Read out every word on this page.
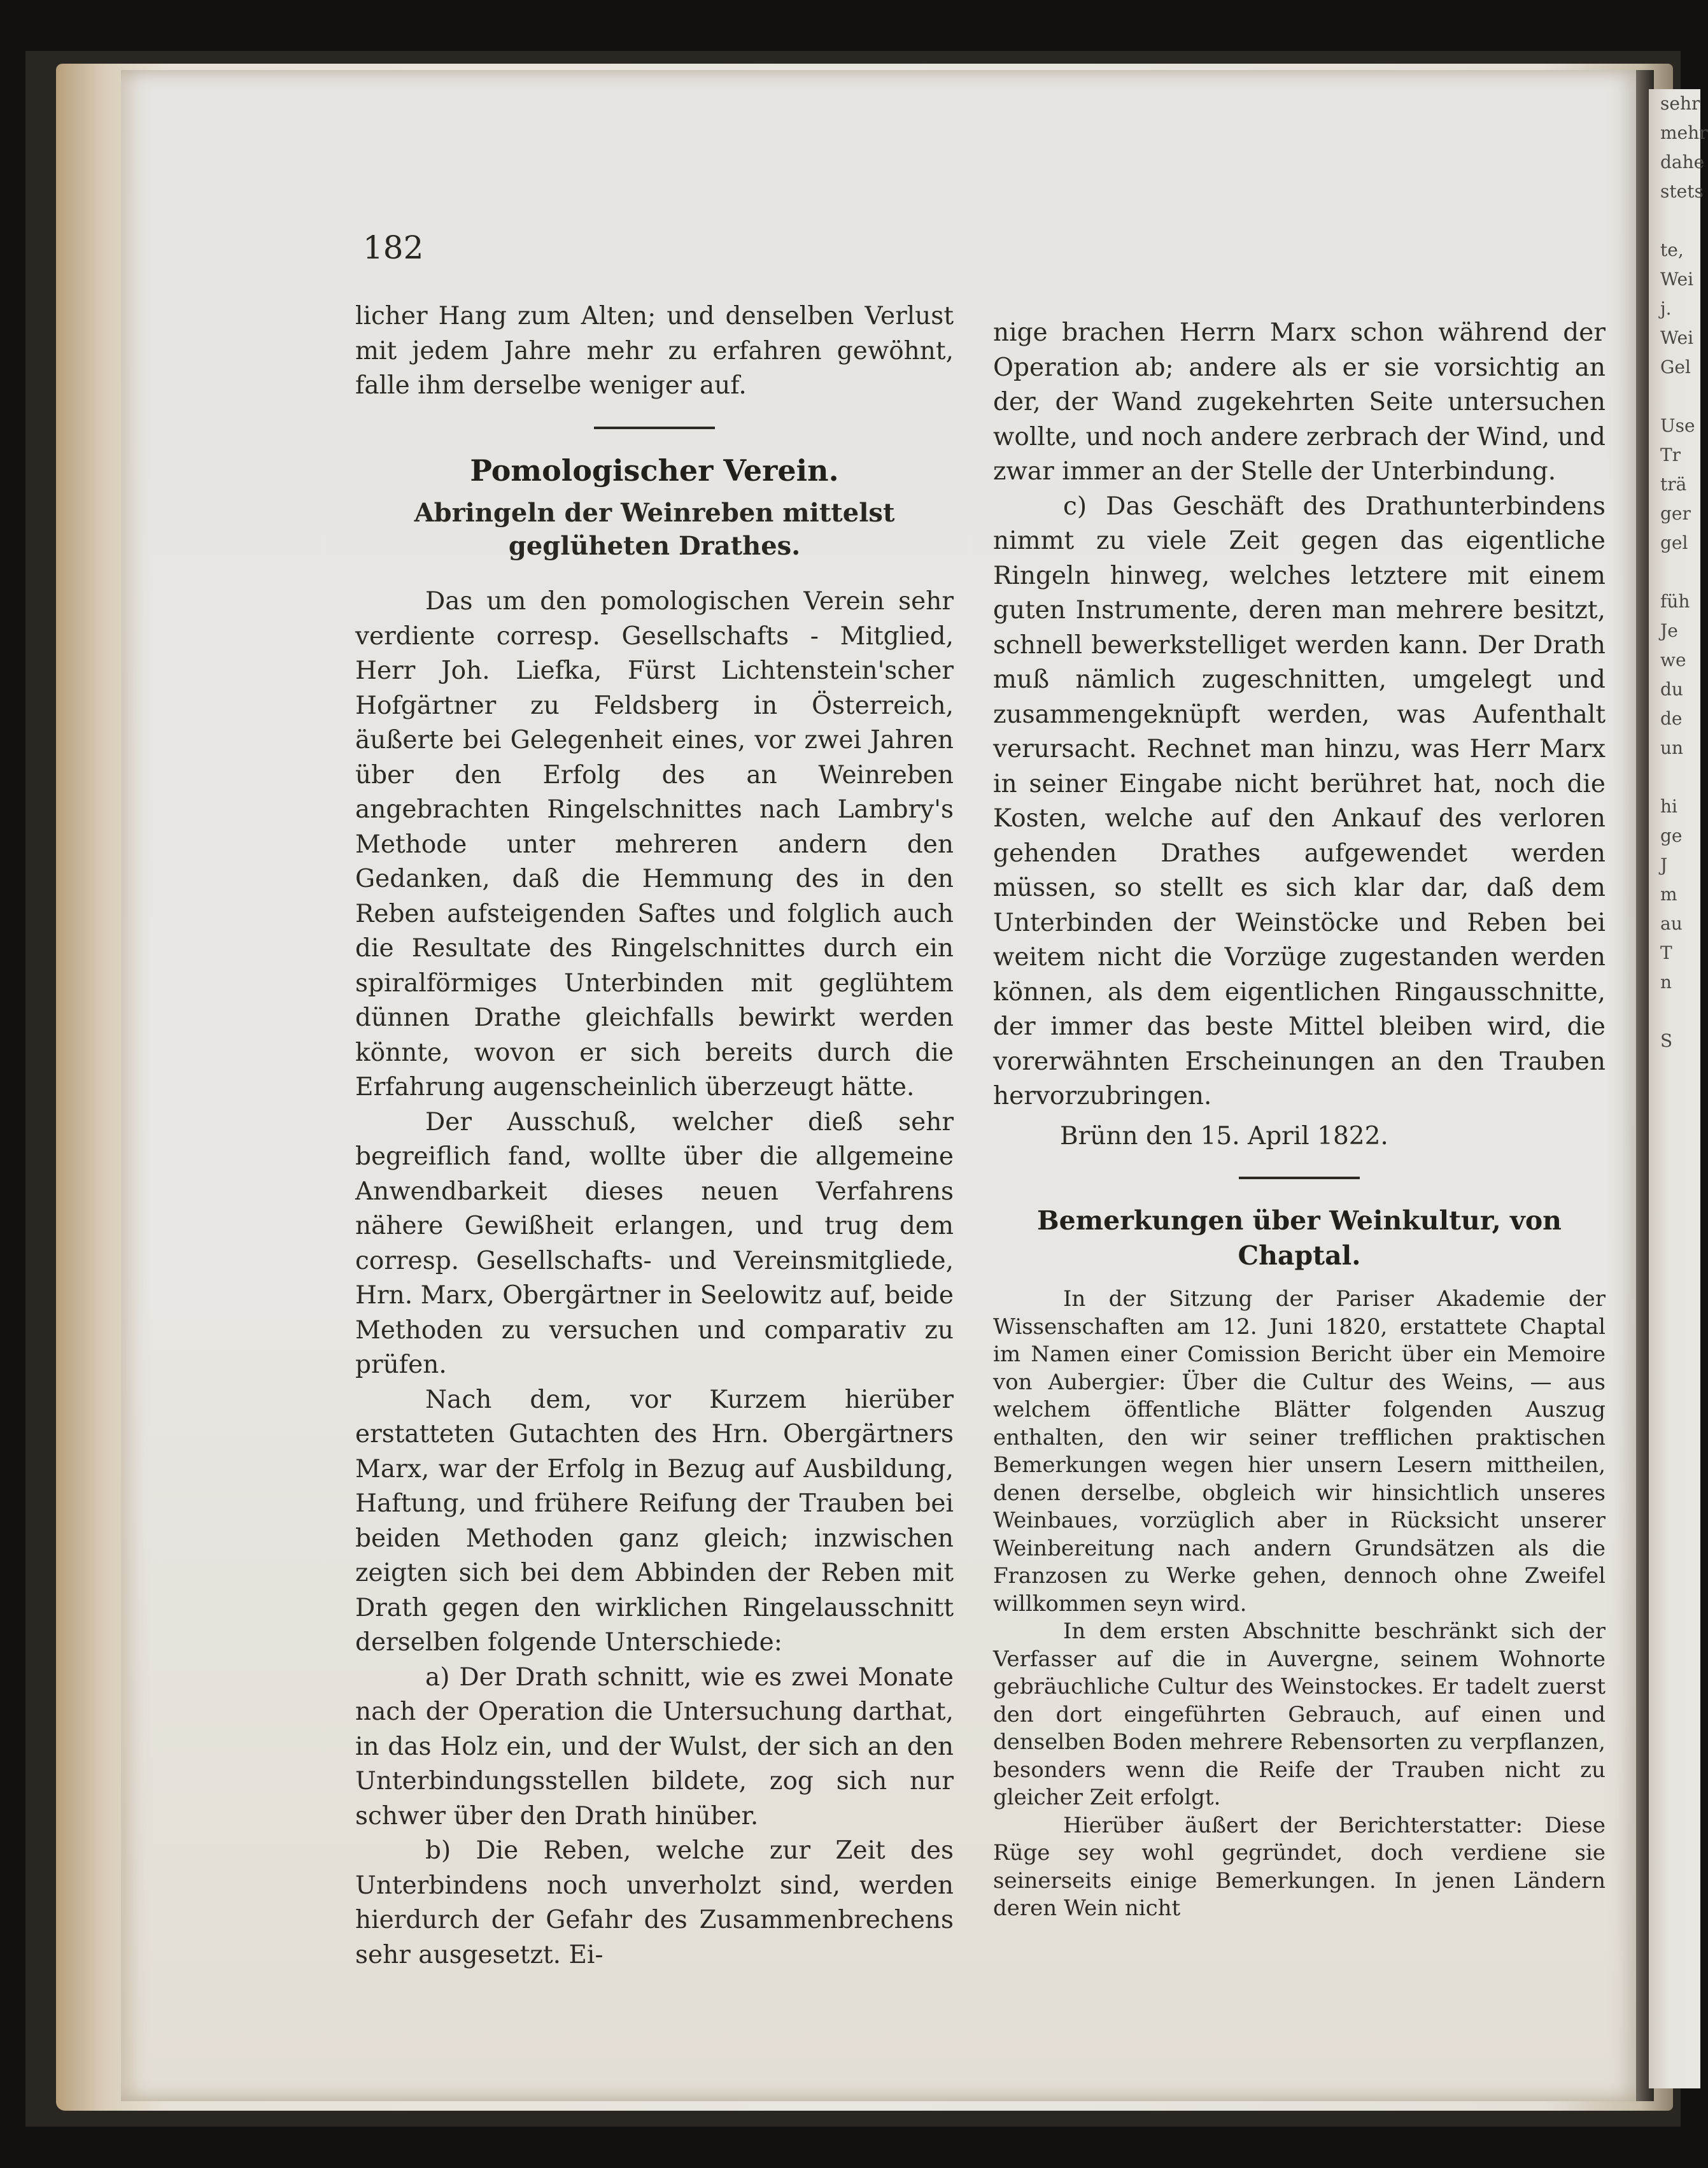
sehr
mehr
dahe
stets

te,
Wei
j.
Wei
Gel

Use
Tr
trä
ger
gel

füh
Je
we
du
de
un

hi
ge
J
m
au
T
n

S
182

licher Hang zum Alten; und denselben Verlust mit jedem Jahre mehr zu erfahren gewöhnt, falle ihm derselbe weniger auf.

Pomologischer Verein.
Abringeln der Weinreben mittelst geglüheten Drathes.

Das um den pomologischen Verein sehr verdiente corresp. Gesellschafts - Mitglied, Herr Joh. Liefka, Fürst Lichtenstein'scher Hofgärtner zu Feldsberg in Österreich, äußerte bei Gelegenheit eines, vor zwei Jahren über den Erfolg des an Weinreben angebrachten Ringelschnittes nach Lambry's Methode unter mehreren andern den Gedanken, daß die Hemmung des in den Reben aufsteigenden Saftes und folglich auch die Resultate des Ringelschnittes durch ein spiralförmiges Unterbinden mit geglühtem dünnen Drathe gleichfalls bewirkt werden könnte, wovon er sich bereits durch die Erfahrung augenscheinlich überzeugt hätte.

Der Ausschuß, welcher dieß sehr begreiflich fand, wollte über die allgemeine Anwendbarkeit dieses neuen Verfahrens nähere Gewißheit erlangen, und trug dem corresp. Gesellschafts- und Vereinsmitgliede, Hrn. Marx, Obergärtner in Seelowitz auf, beide Methoden zu versuchen und comparativ zu prüfen.

Nach dem, vor Kurzem hierüber erstatteten Gutachten des Hrn. Obergärtners Marx, war der Erfolg in Bezug auf Ausbildung, Haftung, und frühere Reifung der Trauben bei beiden Methoden ganz gleich; inzwischen zeigten sich bei dem Abbinden der Reben mit Drath gegen den wirklichen Ringelausschnitt derselben folgende Unterschiede:

a) Der Drath schnitt, wie es zwei Monate nach der Operation die Untersuchung darthat, in das Holz ein, und der Wulst, der sich an den Unterbindungsstellen bildete, zog sich nur schwer über den Drath hinüber.

b) Die Reben, welche zur Zeit des Unterbindens noch unverholzt sind, werden hierdurch der Gefahr des Zusammenbrechens sehr ausgesetzt. Ei-

nige brachen Herrn Marx schon während der Operation ab; andere als er sie vorsichtig an der, der Wand zugekehrten Seite untersuchen wollte, und noch andere zerbrach der Wind, und zwar immer an der Stelle der Unterbindung.

c) Das Geschäft des Drathunterbindens nimmt zu viele Zeit gegen das eigentliche Ringeln hinweg, welches letztere mit einem guten Instrumente, deren man mehrere besitzt, schnell bewerkstelliget werden kann. Der Drath muß nämlich zugeschnitten, umgelegt und zusammengeknüpft werden, was Aufenthalt verursacht. Rechnet man hinzu, was Herr Marx in seiner Eingabe nicht berühret hat, noch die Kosten, welche auf den Ankauf des verloren gehenden Drathes aufgewendet werden müssen, so stellt es sich klar dar, daß dem Unterbinden der Weinstöcke und Reben bei weitem nicht die Vorzüge zugestanden werden können, als dem eigentlichen Ringausschnitte, der immer das beste Mittel bleiben wird, die vorerwähnten Erscheinungen an den Trauben hervorzubringen.

Brünn den 15. April 1822.

Bemerkungen über Weinkultur, von Chaptal.

In der Sitzung der Pariser Akademie der Wissenschaften am 12. Juni 1820, erstattete Chaptal im Namen einer Comission Bericht über ein Memoire von Aubergier: Über die Cultur des Weins, — aus welchem öffentliche Blätter folgenden Auszug enthalten, den wir seiner trefflichen praktischen Bemerkungen wegen hier unsern Lesern mittheilen, denen derselbe, obgleich wir hinsichtlich unseres Weinbaues, vorzüglich aber in Rücksicht unserer Weinbereitung nach andern Grundsätzen als die Franzosen zu Werke gehen, dennoch ohne Zweifel willkommen seyn wird.

In dem ersten Abschnitte beschränkt sich der Verfasser auf die in Auvergne, seinem Wohnorte gebräuchliche Cultur des Weinstockes. Er tadelt zuerst den dort eingeführten Gebrauch, auf einen und denselben Boden mehrere Rebensorten zu verpflanzen, besonders wenn die Reife der Trauben nicht zu gleicher Zeit erfolgt.

Hierüber äußert der Berichterstatter: Diese Rüge sey wohl gegründet, doch verdiene sie seinerseits einige Bemerkungen. In jenen Ländern deren Wein nicht
